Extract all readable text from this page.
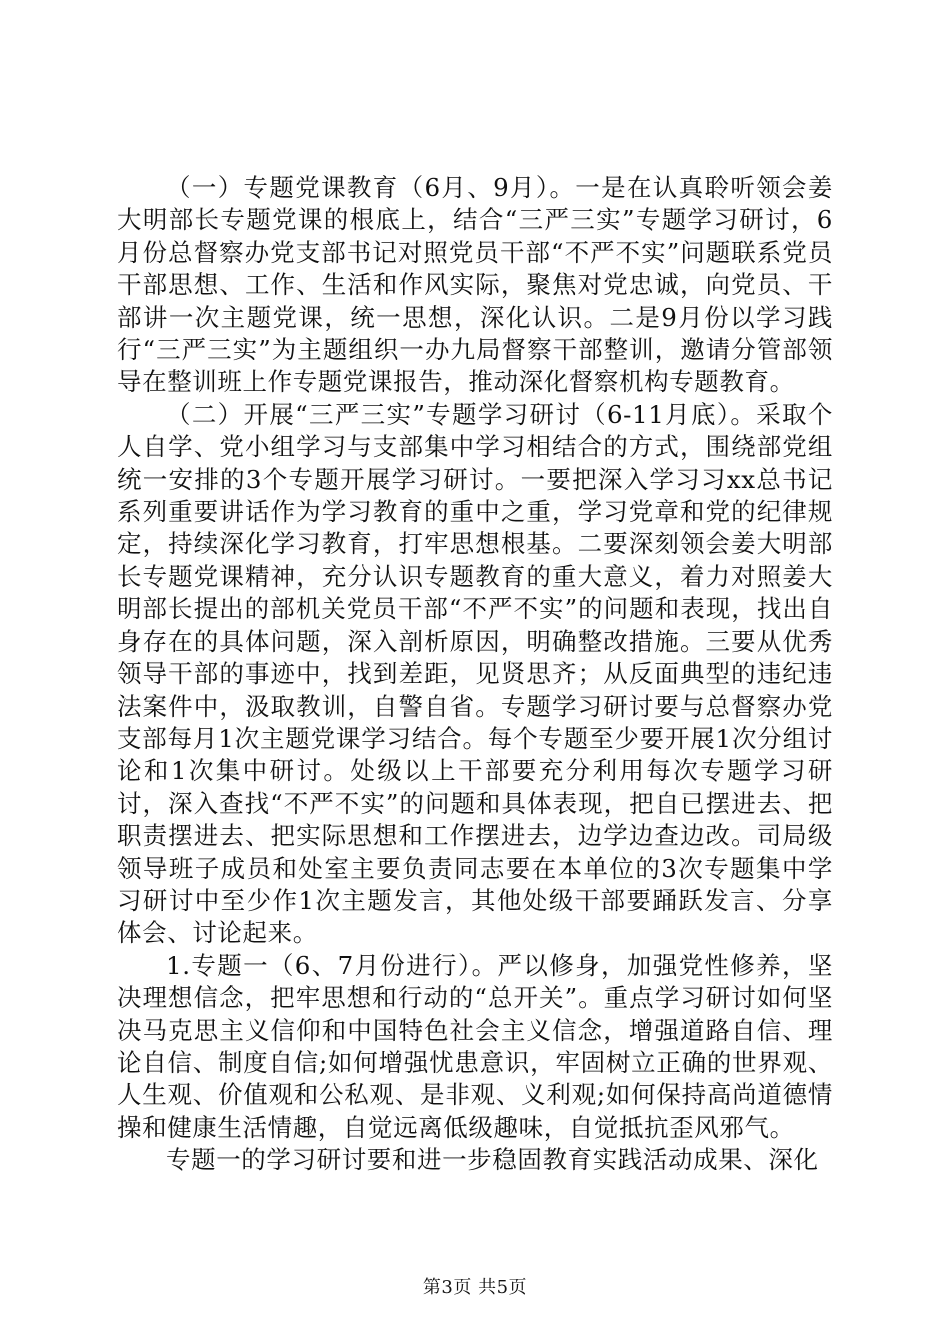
（一）专题党课教育（6月、9月）。一是在认真聆听领会姜大明部长专题党课的根底上，结合“三严三实”专题学习研讨，6月份总督察办党支部书记对照党员干部“不严不实”问题联系党员干部思想、工作、生活和作风实际，聚焦对党忠诚，向党员、干部讲一次主题党课，统一思想，深化认识。二是9月份以学习践行“三严三实”为主题组织一办九局督察干部整训，邀请分管部领导在整训班上作专题党课报告，推动深化督察机构专题教育。

（二）开展“三严三实”专题学习研讨（6-11月底）。采取个人自学、党小组学习与支部集中学习相结合的方式，围绕部党组统一安排的3个专题开展学习研讨。一要把深入学习习xx总书记系列重要讲话作为学习教育的重中之重，学习党章和党的纪律规定，持续深化学习教育，打牢思想根基。二要深刻领会姜大明部长专题党课精神，充分认识专题教育的重大意义，着力对照姜大明部长提出的部机关党员干部“不严不实”的问题和表现，找出自身存在的具体问题，深入剖析原因，明确整改措施。三要从优秀领导干部的事迹中，找到差距，见贤思齐；从反面典型的违纪违法案件中，汲取教训，自警自省。专题学习研讨要与总督察办党支部每月1次主题党课学习结合。每个专题至少要开展1次分组讨论和1次集中研讨。处级以上干部要充分利用每次专题学习研讨，深入查找“不严不实”的问题和具体表现，把自已摆进去、把职责摆进去、把实际思想和工作摆进去，边学边查边改。司局级领导班子成员和处室主要负责同志要在本单位的3次专题集中学习研讨中至少作1次主题发言，其他处级干部要踊跃发言、分享体会、讨论起来。

1.专题一（6、7月份进行）。严以修身，加强党性修养，坚决理想信念，把牢思想和行动的“总开关”。重点学习研讨如何坚决马克思主义信仰和中国特色社会主义信念，增强道路自信、理论自信、制度自信;如何增强忧患意识，牢固树立正确的世界观、人生观、价值观和公私观、是非观、义利观;如何保持高尚道德情操和健康生活情趣，自觉远离低级趣味，自觉抵抗歪风邪气。

专题一的学习研讨要和进一步稳固教育实践活动成果、深化

第3页 共5页
